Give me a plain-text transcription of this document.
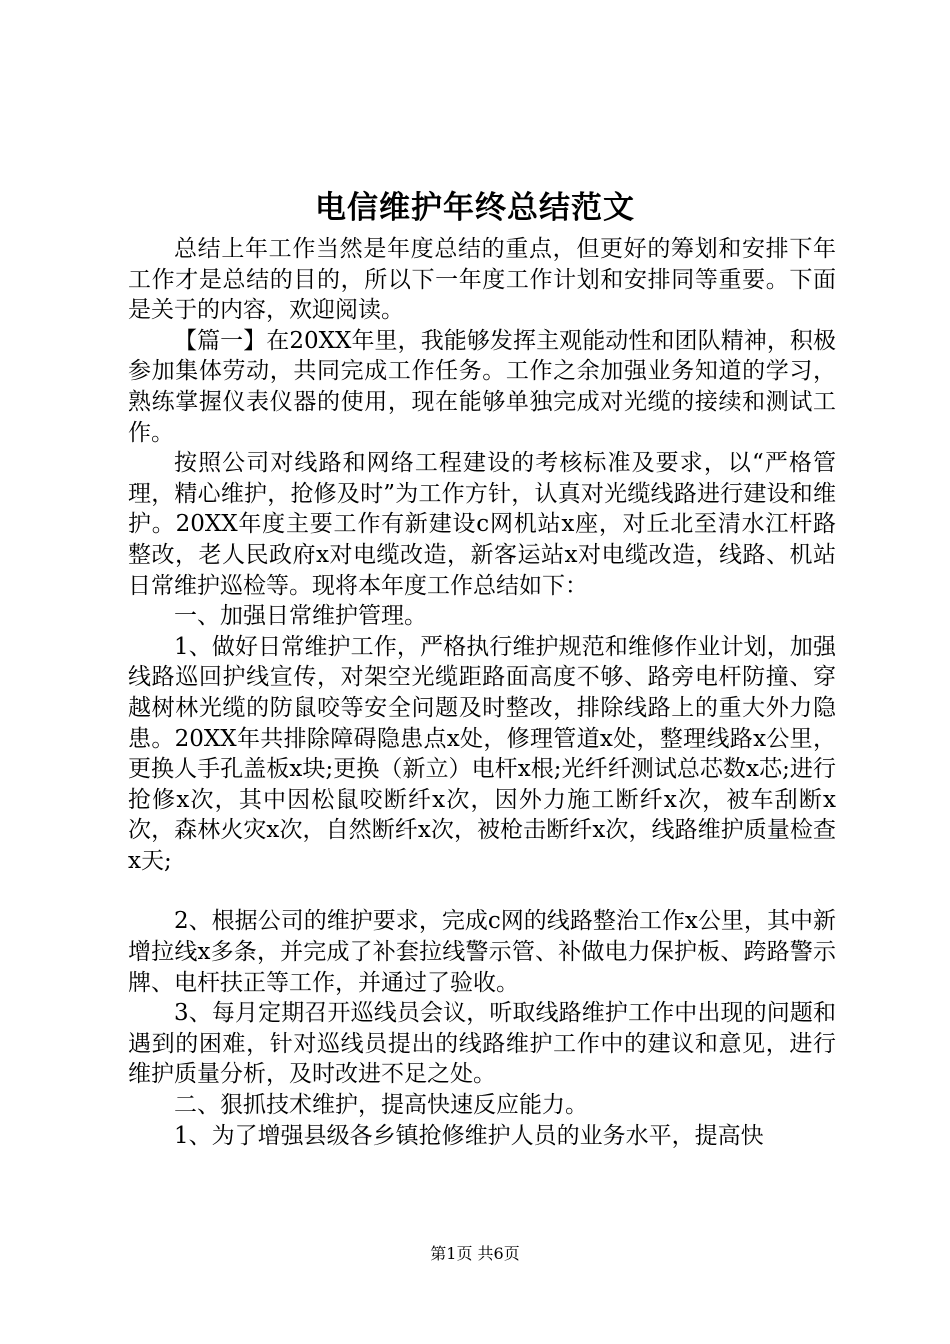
电信维护年终总结范文

总结上年工作当然是年度总结的重点，但更好的筹划和安排下年工作才是总结的目的，所以下一年度工作计划和安排同等重要。下面是关于的内容，欢迎阅读。

【篇一】在20XX年里，我能够发挥主观能动性和团队精神，积极参加集体劳动，共同完成工作任务。工作之余加强业务知道的学习，熟练掌握仪表仪器的使用，现在能够单独完成对光缆的接续和测试工作。

按照公司对线路和网络工程建设的考核标准及要求，以“严格管理，精心维护，抢修及时”为工作方针，认真对光缆线路进行建设和维护。20XX年度主要工作有新建设c网机站x座，对丘北至清水江杆路整改，老人民政府x对电缆改造，新客运站x对电缆改造，线路、机站日常维护巡检等。现将本年度工作总结如下：

一、加强日常维护管理。

1、做好日常维护工作，严格执行维护规范和维修作业计划，加强线路巡回护线宣传，对架空光缆距路面高度不够、路旁电杆防撞、穿越树林光缆的防鼠咬等安全问题及时整改，排除线路上的重大外力隐患。20XX年共排除障碍隐患点x处，修理管道x处，整理线路x公里，更换人手孔盖板x块;更换（新立）电杆x根;光纤纤测试总芯数x芯;进行抢修x次，其中因松鼠咬断纤x次，因外力施工断纤x次，被车刮断x次，森林火灾x次，自然断纤x次，被枪击断纤x次，线路维护质量检查x天;

2、根据公司的维护要求，完成c网的线路整治工作x公里，其中新增拉线x多条，并完成了补套拉线警示管、补做电力保护板、跨路警示牌、电杆扶正等工作，并通过了验收。

3、每月定期召开巡线员会议，听取线路维护工作中出现的问题和遇到的困难，针对巡线员提出的线路维护工作中的建议和意见，进行维护质量分析，及时改进不足之处。

二、狠抓技术维护，提高快速反应能力。

1、为了增强县级各乡镇抢修维护人员的业务水平，提高快

第1页 共6页
